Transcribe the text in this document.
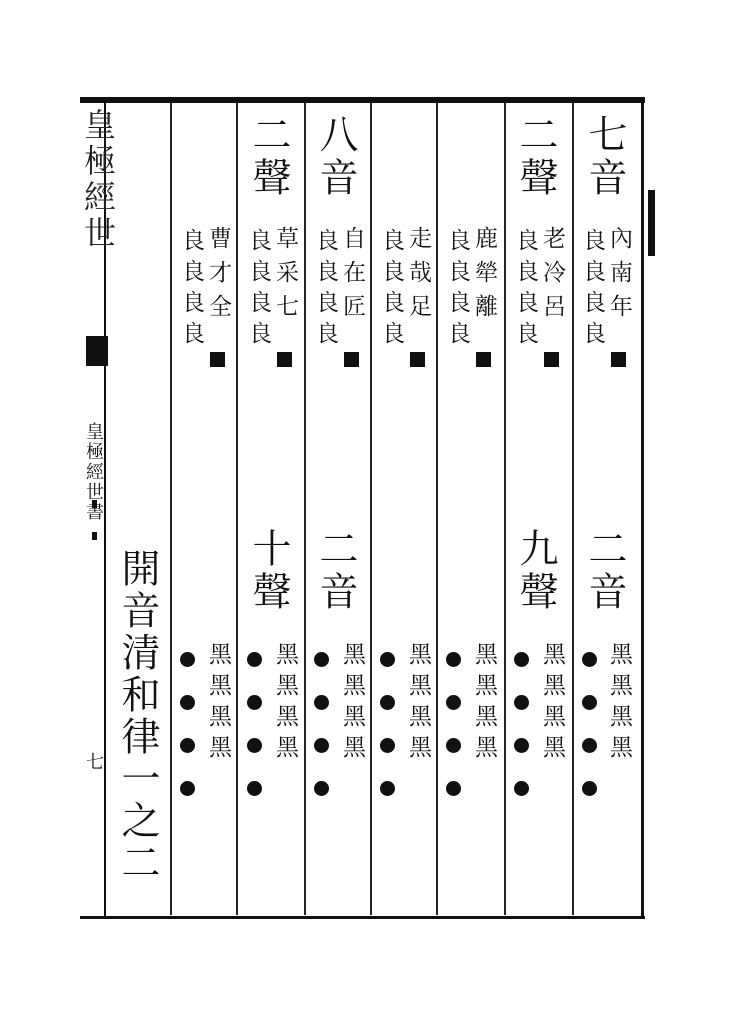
皇極經世
皇極經世書
七 開音清和律一之二
七音
內南年
良良良良
二音
黑黑黑黑
二聲
老冷呂
良良良良
九聲
黑黑黑黑
鹿犖離
良良良良
黑黑黑黑
走哉足
良良良良
黑黑黑黑
八音
自在匠
良良良良
二音
黑黑黑黑
二聲
草采七
良良良良
十聲
黑黑黑黑
曹才全
良良良良
黑黑黑黑
